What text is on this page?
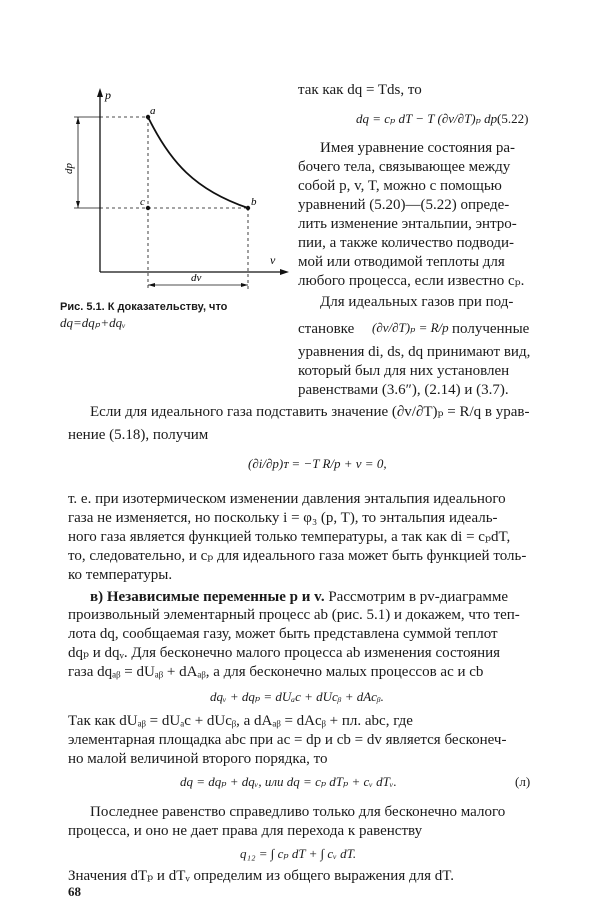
p
v
a
b
c
dp
dv
Рис. 5.1. К доказательству, что
dq=dqₚ+dqᵥ
так как dq = Tds, то
dq = cₚ dT − T (∂v/∂T)ₚ dp.
(5.22)
Имея уравнение состояния ра-
бочего тела, связывающее между
собой p, v, T, можно с помощью
уравнений (5.20)—(5.22) опреде-
лить изменение энтальпии, энтро-
пии, а также количество подводи-
мой или отводимой теплоты для
любого процесса, если известно cₚ.
Для идеальных газов при под-
становке (∂v/∂T)ₚ = R/p полученные
уравнения di, ds, dq принимают вид,
который был для них установлен
равенствами (3.6″), (2.14) и (3.7).
Если для идеального газа подставить значение (∂v/∂T)ₚ = R/q в урав-
нение (5.18), получим
(∂i/∂p)ᴛ = −T R/p + v = 0,
т. е. при изотермическом изменении давления энтальпия идеального
газа не изменяется, но поскольку i = φ₃ (p, T), то энтальпия идеаль-
ного газа является функцией только температуры, а так как di = cₚdT,
то, следовательно, и cₚ для идеального газа может быть функцией толь-
ко температуры.
в) Независимые переменные p и v. Рассмотрим в pv-диаграмме
произвольный элементарный процесс ab (рис. 5.1) и докажем, что теп-
лота dq, сообщаемая газу, может быть представлена суммой теплот
dqₚ и dqᵥ. Для бесконечно малого процесса ab изменения состояния
газа dqₐᵦ = dUₐᵦ + dAₐᵦ, а для бесконечно малых процессов ac и cb
dqᵥ + dqₚ = dUₐc + dUcᵦ + dAcᵦ.
Так как dUₐᵦ = dUₐc + dUcᵦ, а dAₐᵦ = dAcᵦ + пл. abc, где
элементарная площадка abc при ac = dp и cb = dv является бесконеч-
но малой величиной второго порядка, то
dq = dqₚ + dqᵥ, или dq = cₚ dTₚ + cᵥ dTᵥ.	(л)
Последнее равенство справедливо только для бесконечно малого
процесса, и оно не дает права для перехода к равенству
q₁₂ = ∫ cₚ dT + ∫ cᵥ dT.
Значения dTₚ и dTᵥ определим из общего выражения для dT.
68
